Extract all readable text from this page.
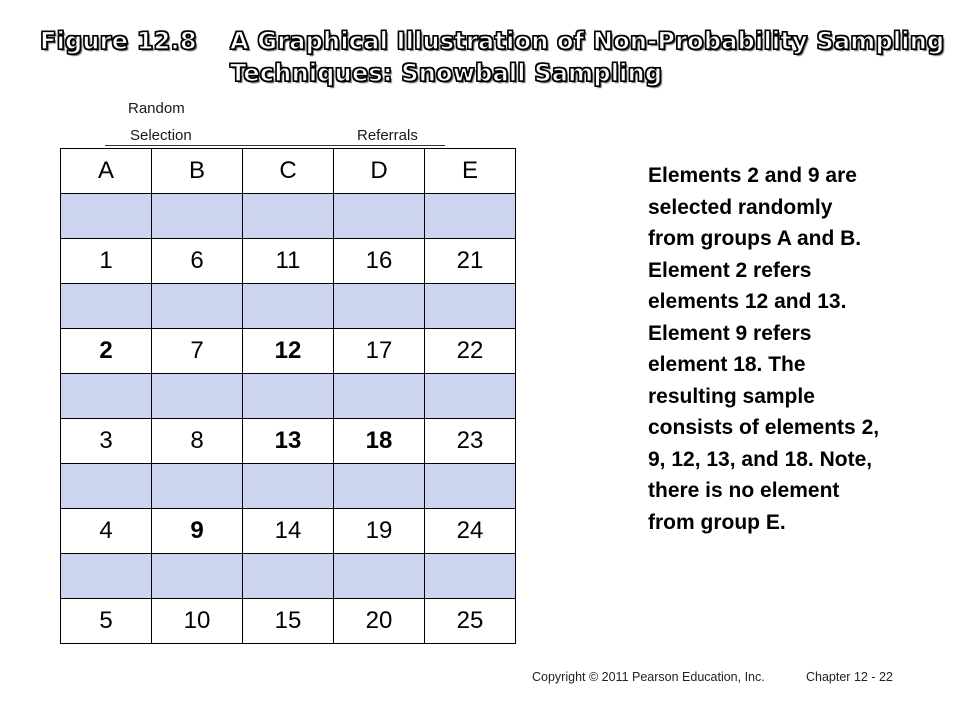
Figure 12.8 A Graphical Illustration of Non-Probability Sampling
Techniques: Snowball Sampling

Random

Selection	Referrals

A	B	C	D	E

1	6	11	16	21

2	7	12	17	22

3	8	13	18	23

4	9	14	19	24

5	10	15	20	25
Elements 2 and 9 are
selected randomly
from groups A and B.
Element 2 refers
elements 12 and 13.
Element 9 refers
element 18. The
resulting sample
consists of elements 2,
9, 12, 13, and 18. Note,
there is no element
from group E.

Copyright © 2011 Pearson Education, Inc.	Chapter 12 - 22
